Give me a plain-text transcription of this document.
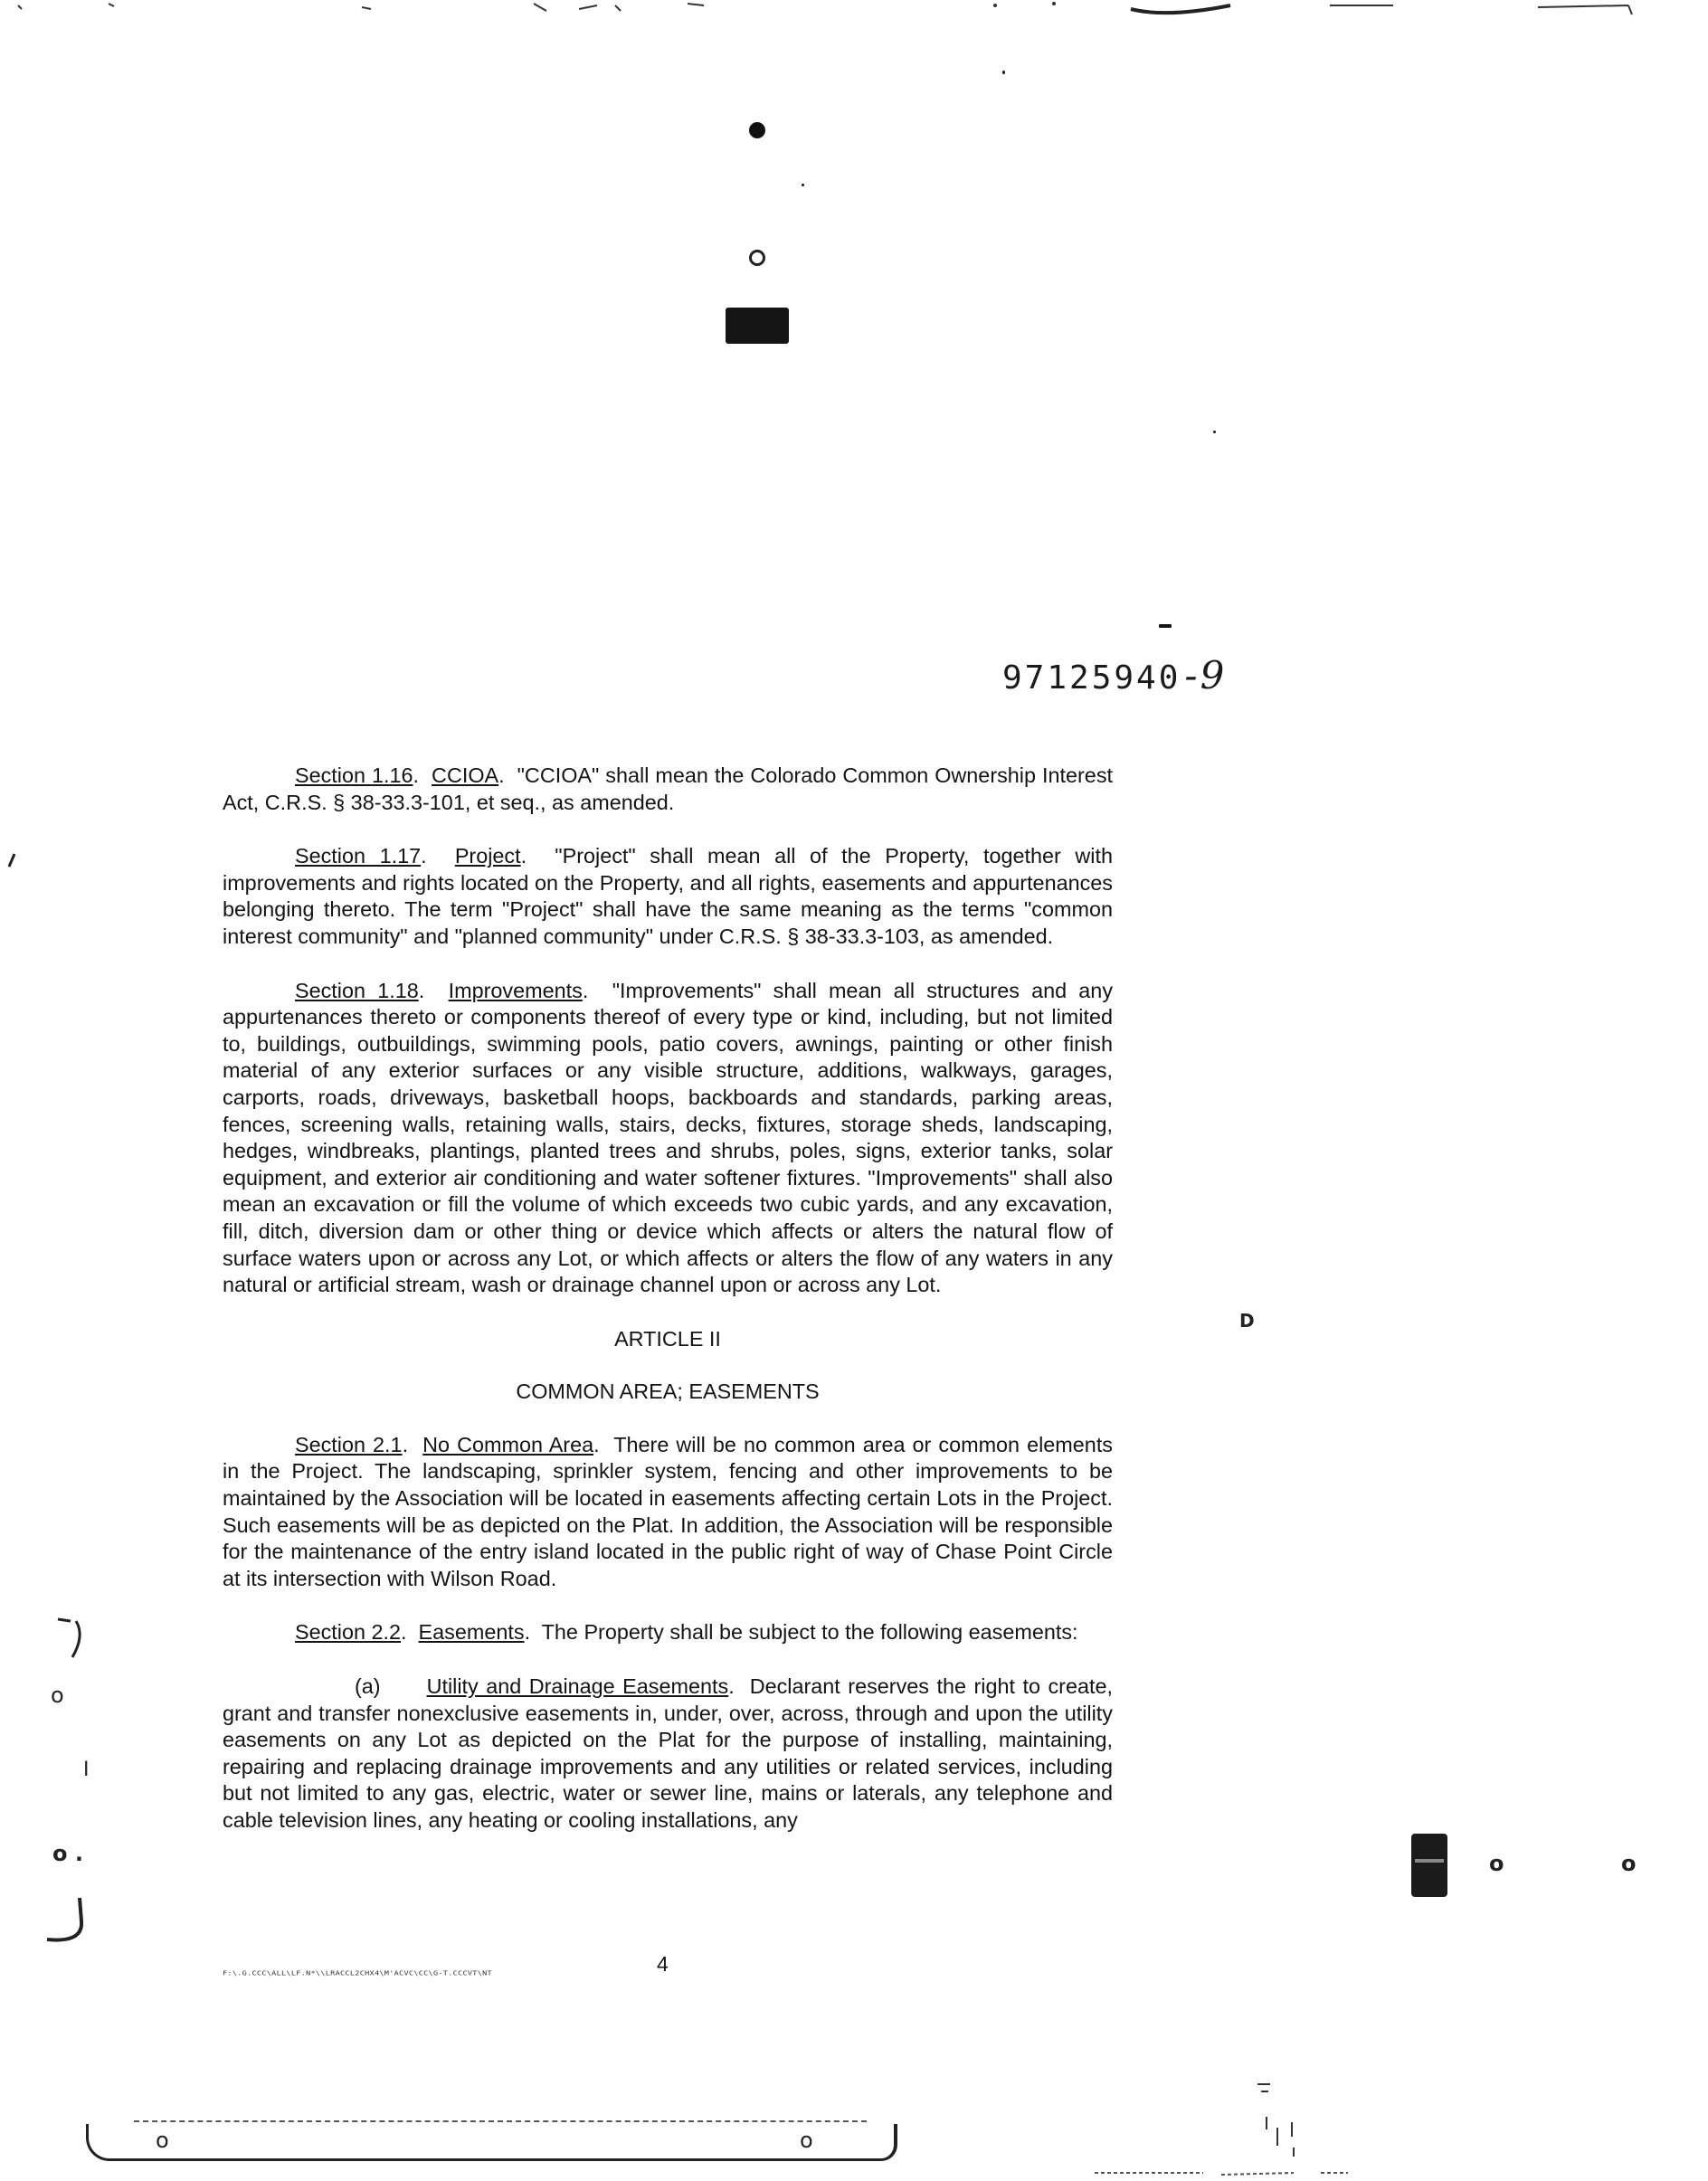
97125940-9

Section 1.16.  CCIOA.  "CCIOA" shall mean the Colorado Common Ownership Interest Act, C.R.S. § 38-33.3-101, et seq., as amended.

Section 1.17.  Project.  "Project" shall mean all of the Property, together with improvements and rights located on the Property, and all rights, easements and appurtenances belonging thereto. The term "Project" shall have the same meaning as the terms "common interest community" and "planned community" under C.R.S. § 38-33.3-103, as amended.

Section 1.18.  Improvements.  "Improvements" shall mean all structures and any appurtenances thereto or components thereof of every type or kind, including, but not limited to, buildings, outbuildings, swimming pools, patio covers, awnings, painting or other finish material of any exterior surfaces or any visible structure, additions, walkways, garages, carports, roads, driveways, basketball hoops, backboards and standards, parking areas, fences, screening walls, retaining walls, stairs, decks, fixtures, storage sheds, landscaping, hedges, windbreaks, plantings, planted trees and shrubs, poles, signs, exterior tanks, solar equipment, and exterior air conditioning and water softener fixtures. "Improvements" shall also mean an excavation or fill the volume of which exceeds two cubic yards, and any excavation, fill, ditch, diversion dam or other thing or device which affects or alters the natural flow of surface waters upon or across any Lot, or which affects or alters the flow of any waters in any natural or artificial stream, wash or drainage channel upon or across any Lot.

ARTICLE II

COMMON AREA; EASEMENTS

Section 2.1.  No Common Area.  There will be no common area or common elements in the Project. The landscaping, sprinkler system, fencing and other improvements to be maintained by the Association will be located in easements affecting certain Lots in the Project. Such easements will be as depicted on the Plat. In addition, the Association will be responsible for the maintenance of the entry island located in the public right of way of Chase Point Circle at its intersection with Wilson Road.

Section 2.2.  Easements.  The Property shall be subject to the following easements:

(a) Utility and Drainage Easements.  Declarant reserves the right to create, grant and transfer nonexclusive easements in, under, over, across, through and upon the utility easements on any Lot as depicted on the Plat for the purpose of installing, maintaining, repairing and replacing drainage improvements and any utilities or related services, including but not limited to any gas, electric, water or sewer line, mains or laterals, any telephone and cable television lines, any heating or cooling installations, any

F:\.G.CCC\ALL\LF.N*\\LRACCL2CHX4\M'ACVC\CC\G-T.CCCVT\NT	4
o
I
o .
D
o	o
o	o
